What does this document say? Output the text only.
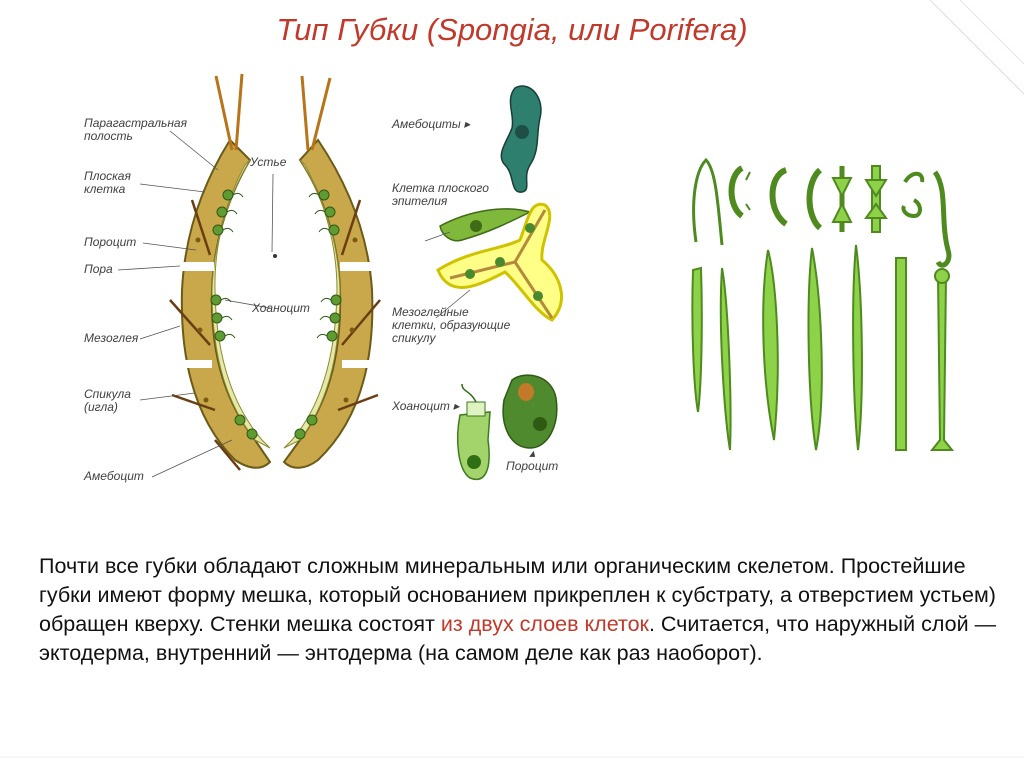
Тип Губки (Spongia, или Porifera)
Парагастральная
полость
Плоская
клетка
Пороцит
Пора
Мезоглея
Спикула
(игла)
Амебоцит
Устье
Хоаноцит
Амебоциты ▸
Клетка плоского
эпителия
Мезоглейные
клетки, образующие
спикулу
Хоаноцит ▸
▴
Пороцит
Почти все губки обладают сложным минеральным или органическим скелетом. Простейшие губки имеют форму мешка, который основанием прикреплен к субстрату, а отверстием устьем) обращен кверху. Стенки мешка состоят из двух слоев клеток. Считается, что наружный слой — эктодерма, внутренний — энтодерма (на самом деле как раз наоборот).
